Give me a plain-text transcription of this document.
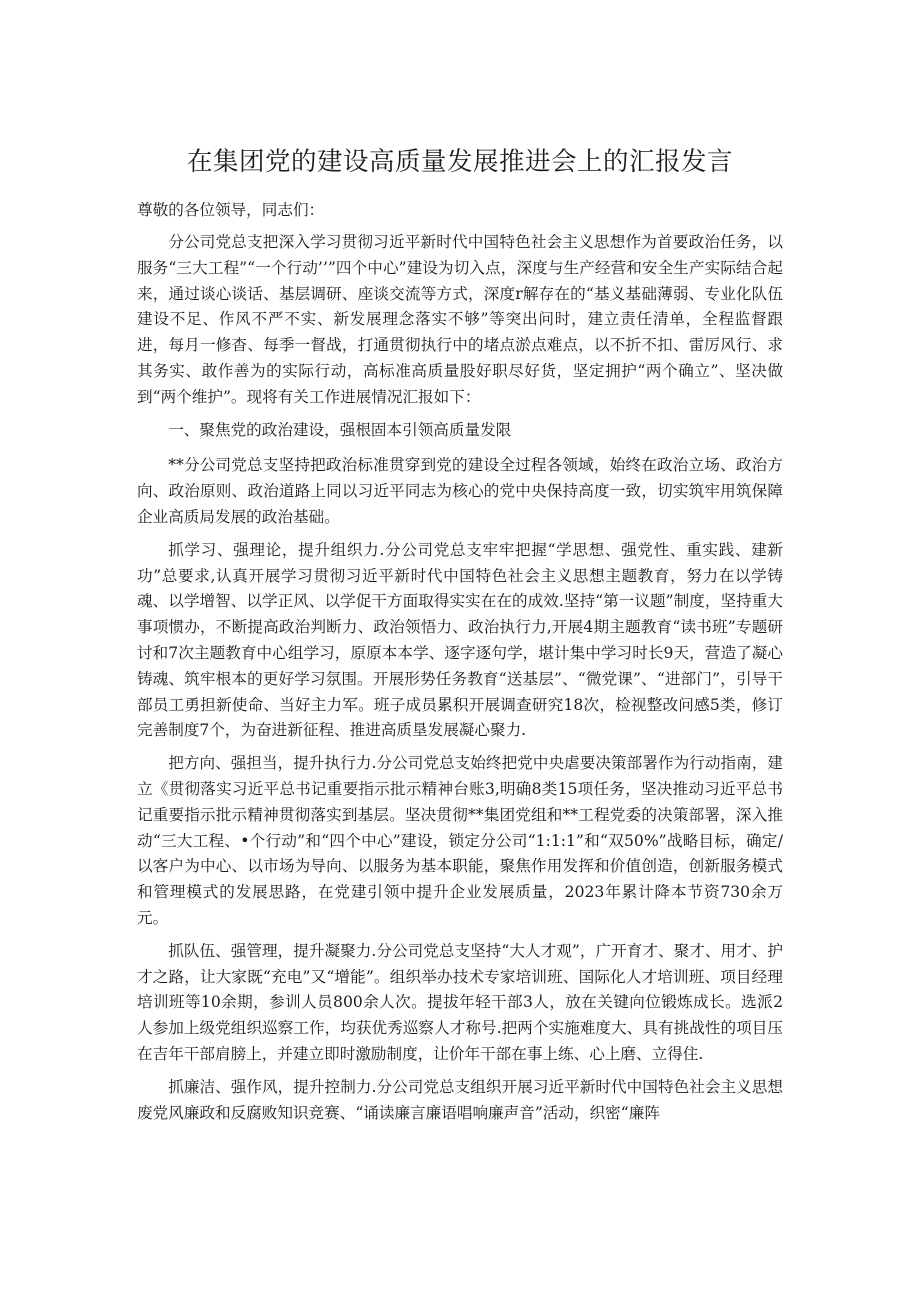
在集团党的建设高质量发展推进会上的汇报发言

尊敬的各位领导，同志们：

分公司党总支把深入学习贯彻习近平新时代中国特色社会主义思想作为首要政治任务，以服务“三大工程”“一个行动’’”四个中心”建设为切入点，深度与生产经营和安全生产实际结合起来，通过谈心谈话、基层调研、座谈交流等方式，深度r解存在的“基义基础薄弱、专业化队伍建设不足、作风不严不实、新发展理念落实不够”等突出问时，建立责任清单，全程监督跟进，每月一修杳、每季一督战，打通贯彻执行中的堵点淤点难点，以不折不扣、雷厉风行、求其务实、敢作善为的实际行动，高标准高质量股好职尽好货，坚定拥护“两个确立”、坚决做到“两个维护”。现将有关工作进展情况汇报如下：

一、聚焦党的政治建设，强根固本引领高质量发限

**分公司党总支坚持把政治标准贯穿到党的建设全过程各领域，始终在政治立场、政治方向、政治原则、政治道路上同以习近平同志为核心的党中央保持高度一致，切实筑牢用筑保障企业高质局发展的政治基础。

抓学习、强理论，提升组织力.分公司党总支牢牢把握“学思想、强党性、重实践、建新功”总要求,认真开展学习贯彻习近平新时代中国特色社会主义思想主题教育，努力在以学铸魂、以学增智、以学正风、以学促干方面取得实实在在的成效.坚持“第一议题”制度，坚持重大事项惯办，不断提高政治判断力、政治领悟力、政治执行力,开展4期主题教育“读书班”专题研讨和7次主题教育中心组学习，原原本本学、逐字逐句学，堪计集中学习时长9天，营造了凝心铸魂、筑牢根本的更好学习氛围。开展形势任务教育“送基层”、“微党课”、“进部门”，引导干部员工勇担新使命、当好主力军。班子成员累积开展调查研究18次，检视整改问感5类，修订完善制度7个，为奋进新征程、推进高质垦发展凝心聚力.

把方向、强担当，提升执行力.分公司党总支始终把党中央虐要决策部署作为行动指南，建立《贯彻落实习近平总书记重要指示批示精神台账3,明确8类15项任务，坚决推动习近平总书记重要指示批示精神贯彻落实到基层。坚决贯彻**集团党组和**工程党委的决策部署，深入推动“三大工程、•个行动”和“四个中心”建设，锁定分公司“1:1:1”和“双50%”战略目标，确定/以客户为中心、以市场为导向、以服务为基本职能，聚焦作用发挥和价值创造，创新服务模式和管理模式的发展思路，在党建引领中提升企业发展质量，2023年累计降本节资730余万元。

抓队伍、强管理，提升凝聚力.分公司党总支坚持“大人才观”，广开育才、聚才、用才、护才之路，让大家既“充电”又“增能”。组织举办技术专家培训班、国际化人才培训班、项目经理培训班等10余期，参训人员800余人次。提拔年轻干部3人，放在关键向位锻炼成长。选派2人参加上级党组织巡察工作，均获优秀巡察人才称号.把两个实施难度大、具有挑战性的项目压在吉年干部肩膀上，并建立即时激励制度，让价年干部在事上练、心上磨、立得住.

抓廉洁、强作风，提升控制力.分公司党总支组织开展习近平新时代中国特色社会主义思想废党风廉政和反腐败知识竞赛、“诵读廉言廉语唱响廉声音”活动，织密“廉阵
